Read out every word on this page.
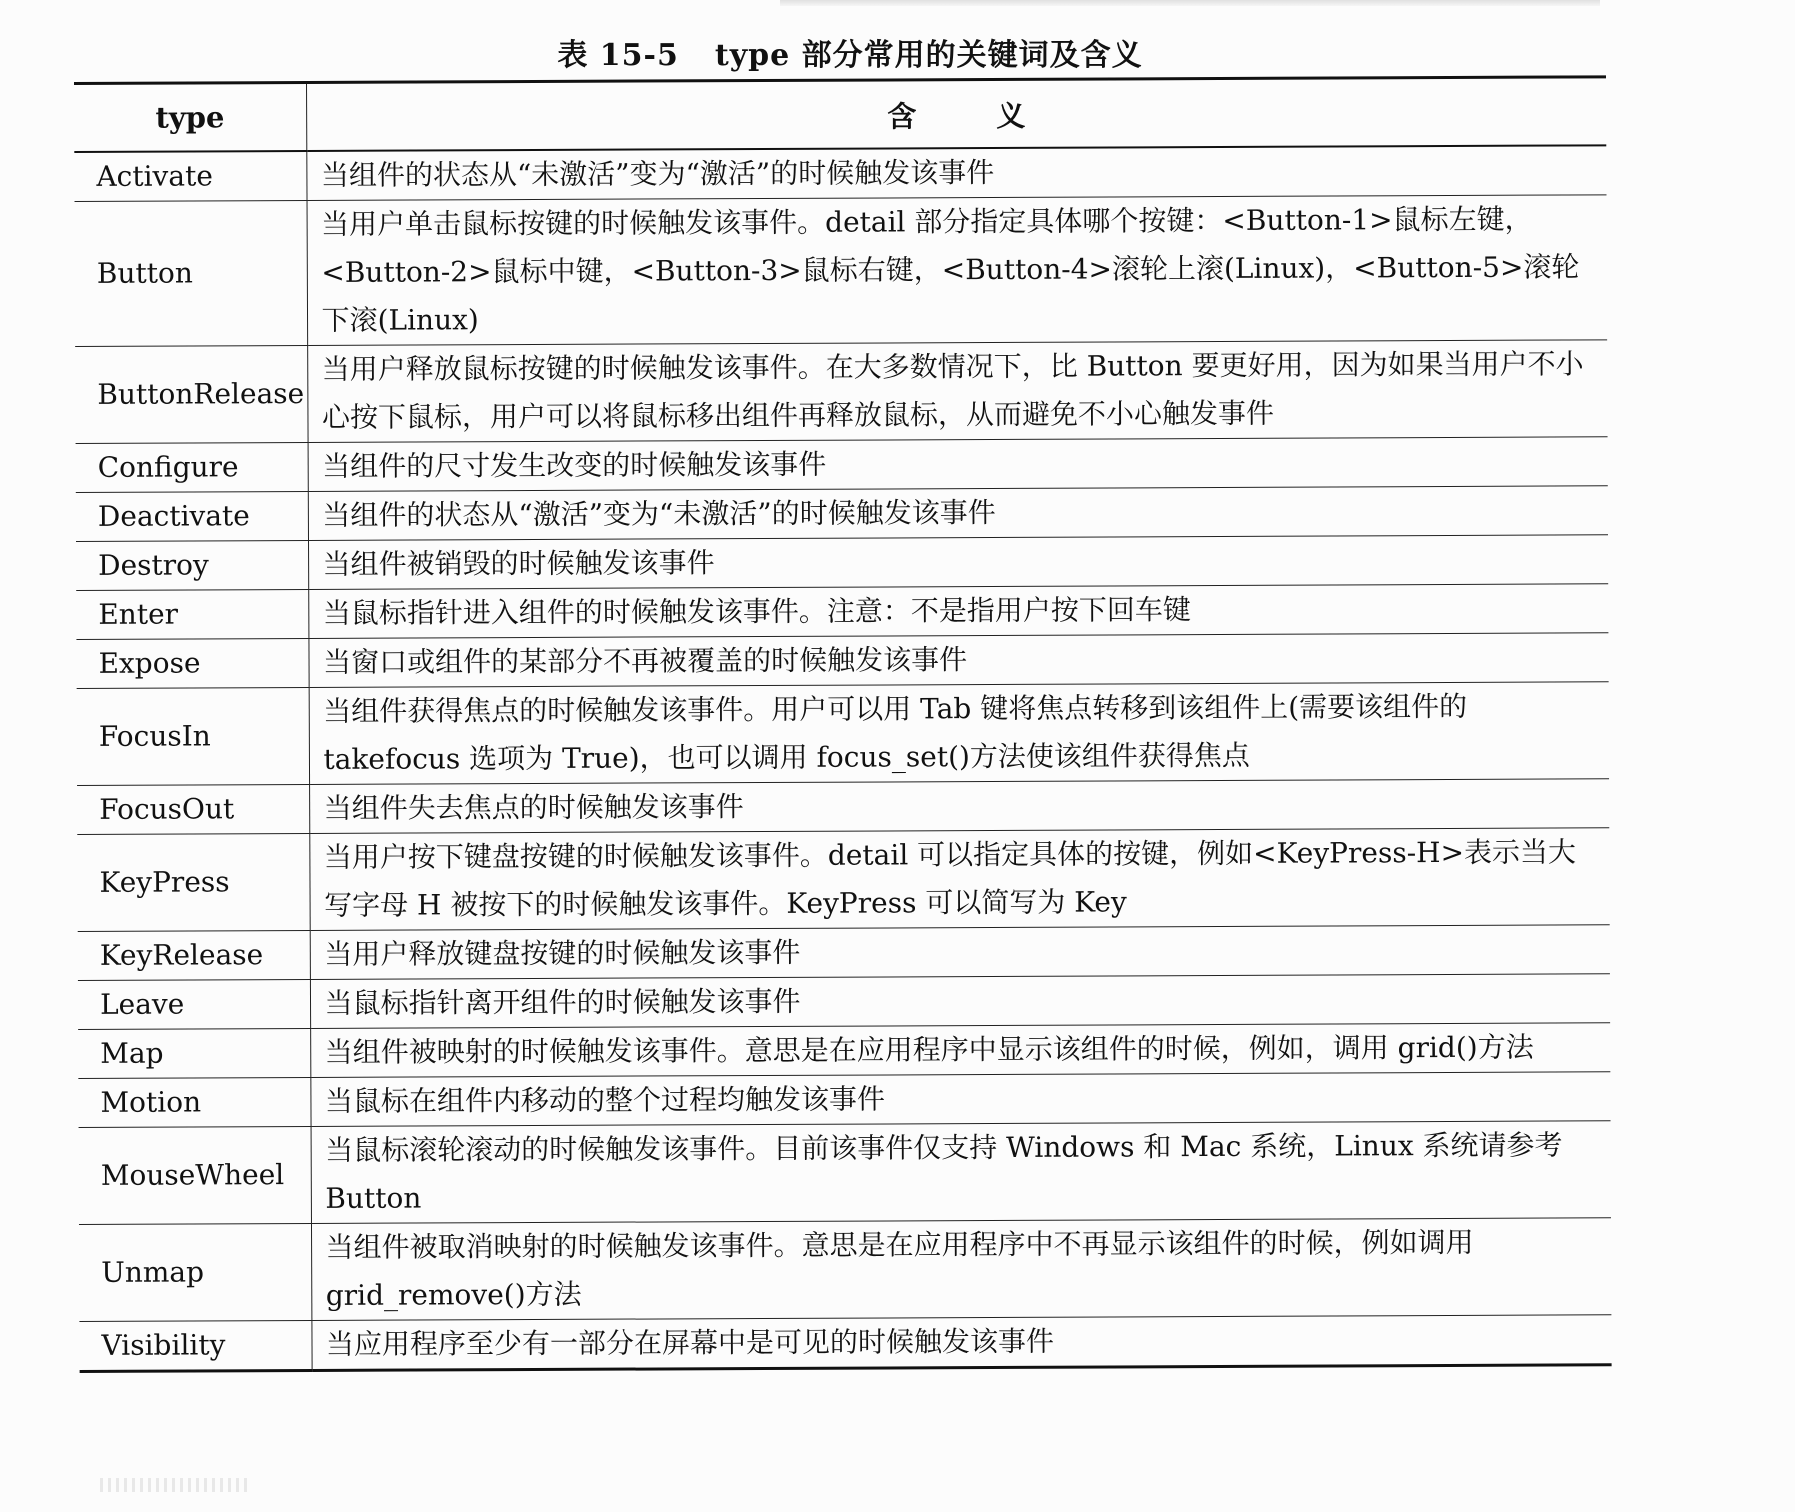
表 15-5 type 部分常用的关键词及含义
type	含义
Activate	当组件的状态从“未激活”变为“激活”的时候触发该事件
Button	当用户单击鼠标按键的时候触发该事件。detail 部分指定具体哪个按键：<Button-1>鼠标左键，<Button-2>鼠标中键，<Button-3>鼠标右键，<Button-4>滚轮上滚(Linux)，<Button-5>滚轮下滚(Linux)
ButtonRelease	当用户释放鼠标按键的时候触发该事件。在大多数情况下，比 Button 要更好用，因为如果当用户不小心按下鼠标，用户可以将鼠标移出组件再释放鼠标，从而避免不小心触发事件
Configure	当组件的尺寸发生改变的时候触发该事件
Deactivate	当组件的状态从“激活”变为“未激活”的时候触发该事件
Destroy	当组件被销毁的时候触发该事件
Enter	当鼠标指针进入组件的时候触发该事件。注意：不是指用户按下回车键
Expose	当窗口或组件的某部分不再被覆盖的时候触发该事件
FocusIn	当组件获得焦点的时候触发该事件。用户可以用 Tab 键将焦点转移到该组件上(需要该组件的 takefocus 选项为 True)，也可以调用 focus_set()方法使该组件获得焦点
FocusOut	当组件失去焦点的时候触发该事件
KeyPress	当用户按下键盘按键的时候触发该事件。detail 可以指定具体的按键，例如<KeyPress-H>表示当大写字母 H 被按下的时候触发该事件。KeyPress 可以简写为 Key
KeyRelease	当用户释放键盘按键的时候触发该事件
Leave	当鼠标指针离开组件的时候触发该事件
Map	当组件被映射的时候触发该事件。意思是在应用程序中显示该组件的时候，例如，调用 grid()方法
Motion	当鼠标在组件内移动的整个过程均触发该事件
MouseWheel	当鼠标滚轮滚动的时候触发该事件。目前该事件仅支持 Windows 和 Mac 系统，Linux 系统请参考 Button
Unmap	当组件被取消映射的时候触发该事件。意思是在应用程序中不再显示该组件的时候，例如调用 grid_remove()方法
Visibility	当应用程序至少有一部分在屏幕中是可见的时候触发该事件
